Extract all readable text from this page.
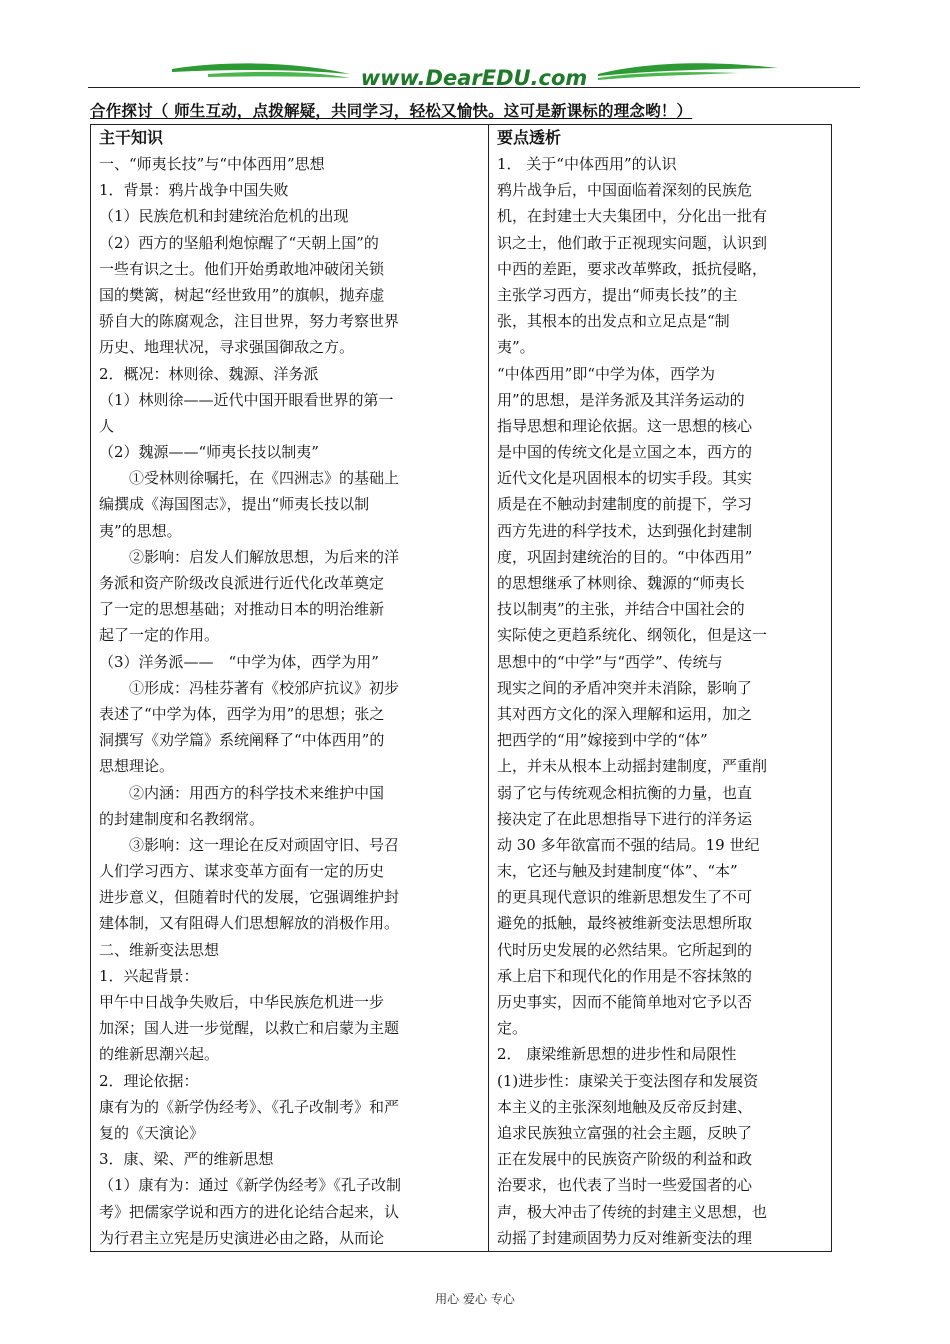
www.DearEDU.com
合作探讨（ 师生互动，点拨解疑，共同学习，轻松又愉快。这可是新课标的理念哟！）
主干知识
一、“师夷长技”与“中体西用”思想
1．背景：鸦片战争中国失败
（1）民族危机和封建统治危机的出现
（2）西方的坚船利炮惊醒了“天朝上国”的
一些有识之士。他们开始勇敢地冲破闭关锁
国的樊篱，树起“经世致用”的旗帜，抛弃虚
骄自大的陈腐观念，注目世界，努力考察世界
历史、地理状况，寻求强国御敌之方。
2．概况：林则徐、魏源、洋务派
（1）林则徐——近代中国开眼看世界的第一
人
（2）魏源——“师夷长技以制夷”
　　①受林则徐嘱托，在《四洲志》的基础上
编撰成《海国图志》，提出“师夷长技以制
夷”的思想。
　　②影响：启发人们解放思想，为后来的洋
务派和资产阶级改良派进行近代化改革奠定
了一定的思想基础；对推动日本的明治维新
起了一定的作用。
（3）洋务派——　“中学为体，西学为用”
　　①形成：冯桂芬著有《校邠庐抗议》初步
表述了“中学为体，西学为用”的思想；张之
洞撰写《劝学篇》系统阐释了“中体西用”的
思想理论。
　　②内涵：用西方的科学技术来维护中国
的封建制度和名教纲常。
　　③影响：这一理论在反对顽固守旧、号召
人们学习西方、谋求变革方面有一定的历史
进步意义，但随着时代的发展，它强调维护封
建体制，又有阻碍人们思想解放的消极作用。
二、维新变法思想
1．兴起背景：
甲午中日战争失败后，中华民族危机进一步
加深；国人进一步觉醒，以救亡和启蒙为主题
的维新思潮兴起。
2．理论依据：
康有为的《新学伪经考》、《孔子改制考》和严
复的《天演论》
3．康、梁、严的维新思想
（1）康有为：通过《新学伪经考》《孔子改制
考》把儒家学说和西方的进化论结合起来，认
为行君主立宪是历史演进必由之路，从而论

要点透析
1． 关于“中体西用”的认识
鸦片战争后，中国面临着深刻的民族危
机，在封建士大夫集团中，分化出一批有
识之士，他们敢于正视现实问题，认识到
中西的差距，要求改革弊政，抵抗侵略，
主张学习西方，提出“师夷长技”的主
张，其根本的出发点和立足点是“制
夷”。
“中体西用”即“中学为体，西学为
用”的思想，是洋务派及其洋务运动的
指导思想和理论依据。这一思想的核心
是中国的传统文化是立国之本，西方的
近代文化是巩固根本的切实手段。其实
质是在不触动封建制度的前提下，学习
西方先进的科学技术，达到强化封建制
度，巩固封建统治的目的。“中体西用”
的思想继承了林则徐、魏源的“师夷长
技以制夷”的主张，并结合中国社会的
实际使之更趋系统化、纲领化，但是这一
思想中的“中学”与“西学”、传统与
现实之间的矛盾冲突并未消除，影响了
其对西方文化的深入理解和运用，加之
把西学的“用”嫁接到中学的“体”
上，并未从根本上动摇封建制度，严重削
弱了它与传统观念相抗衡的力量，也直
接决定了在此思想指导下进行的洋务运
动 30 多年欲富而不强的结局。19 世纪
末，它还与触及封建制度“体”、“本”
的更具现代意识的维新思想发生了不可
避免的抵触，最终被维新变法思想所取
代时历史发展的必然结果。它所起到的
承上启下和现代化的作用是不容抹煞的
历史事实，因而不能简单地对它予以否
定。
2． 康梁维新思想的进步性和局限性
(1)进步性：康梁关于变法图存和发展资
本主义的主张深刻地触及反帝反封建、
追求民族独立富强的社会主题，反映了
正在发展中的民族资产阶级的利益和政
治要求，也代表了当时一些爱国者的心
声，极大冲击了传统的封建主义思想，也
动摇了封建顽固势力反对维新变法的理
用心 爱心 专心
